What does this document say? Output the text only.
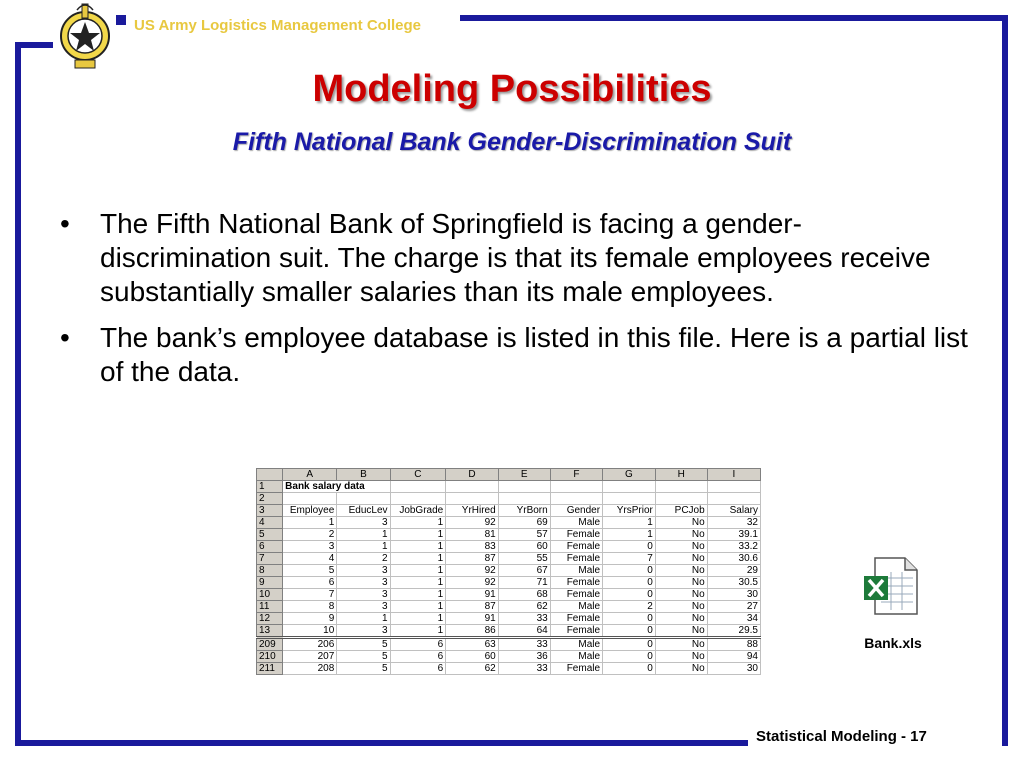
US Army Logistics Management College
Modeling Possibilities
Fifth National Bank Gender-Discrimination Suit
• The Fifth National Bank of Springfield is facing a gender-discrimination suit. The charge is that its female employees receive substantially smaller salaries than its male employees.
• The bank’s employee database is listed in this file. Here is a partial list of the data.
	A	B	C	D	E	F	G	H	I
1	Bank salary data								
2									
3	Employee	EducLev	JobGrade	YrHired	YrBorn	Gender	YrsPrior	PCJob	Salary
4	1	3	1	92	69	Male	1	No	32
5	2	1	1	81	57	Female	1	No	39.1
6	3	1	1	83	60	Female	0	No	33.2
7	4	2	1	87	55	Female	7	No	30.6
8	5	3	1	92	67	Male	0	No	29
9	6	3	1	92	71	Female	0	No	30.5
10	7	3	1	91	68	Female	0	No	30
11	8	3	1	87	62	Male	2	No	27
12	9	1	1	91	33	Female	0	No	34
13	10	3	1	86	64	Female	0	No	29.5
209	206	5	6	63	33	Male	0	No	88
210	207	5	6	60	36	Male	0	No	94
211	208	5	6	62	33	Female	0	No	30
Bank.xls
Statistical Modeling - 17
